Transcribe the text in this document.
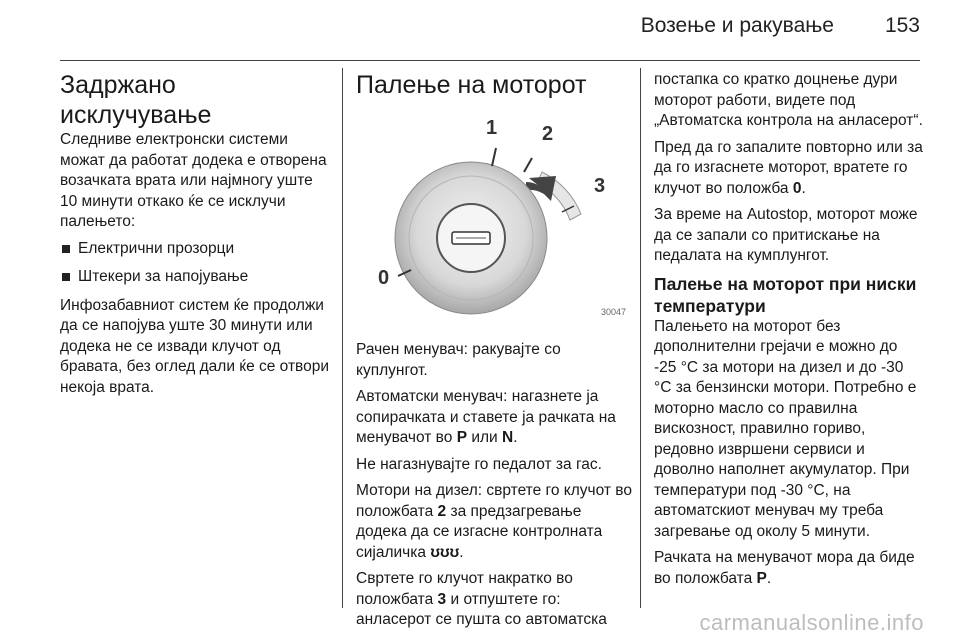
Возење и ракување 153
Задржано исклучување

Следниве електронски системи можат да работат додека е отворена возачката врата или најмногу уште 10 минути откако ќе се исклучи палењето:

Електрични прозорци
Штекери за напојување

Инфозабавниот систем ќе продолжи да се напојува уште 30 минути или додека не се извади клучот од бравата, без оглед дали ќе се отвори некоја врата.

Палење на моторот
0
1 2
3
30047

Рачен менувач: ракувајте со куплунгот.

Автоматски менувач: нагазнете ја сопирачката и ставете ја рачката на менувачот во P или N.

Не нагазнувајте го педалот за гас.

Мотори на дизел: свртете го клучот во положбата 2 за предзагревање додека да се изгасне контролната сијаличка ʊʊʊ.

Свртете го клучот накратко во положбата 3 и отпуштете го: анласерот се пушта со автоматска

постапка со кратко доцнење дури моторот работи, видете под „Автоматска контрола на анласерот“.

Пред да го запалите повторно или за да го изгаснете моторот, вратете го клучот во положба 0.

За време на Autostop, моторот може да се запали со притискање на педалата на кумплунгот.

Палење на моторот при ниски температури

Палењето на моторот без дополнителни грејачи е можно до -25 °C за мотори на дизел и до -30 °C за бензински мотори. Потребно е моторно масло со правилна вискозност, правилно гориво, редовно извршени сервиси и доволно наполнет акумулатор. При температури под -30 °C, на автоматскиот менувач му треба загревање од околу 5 минути.

Рачката на менувачот мора да биде во положбата P.

carmanualsonline.info
